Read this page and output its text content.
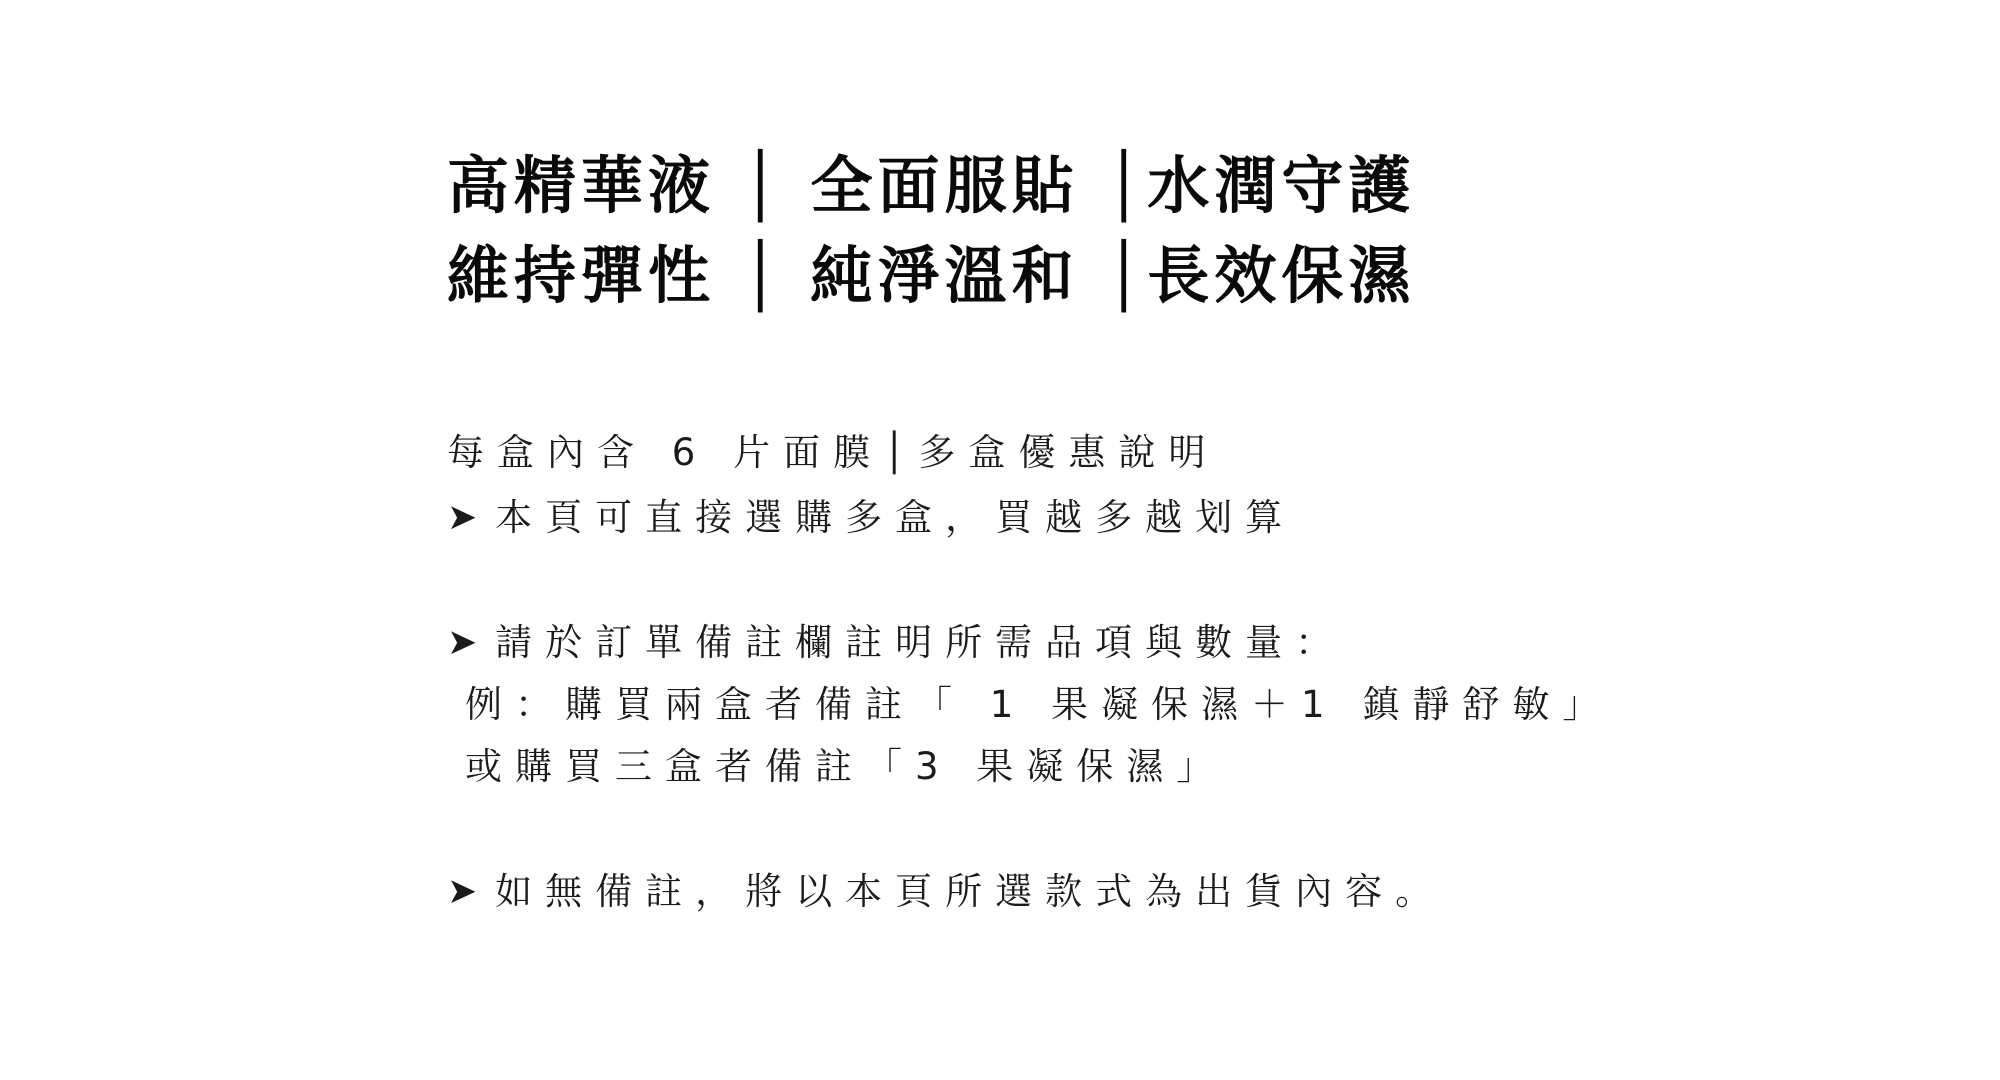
高精華液 │ 全面服貼 │水潤守護
維持彈性 │ 純淨溫和 │長效保濕
每盒內含 6 片面膜│多盒優惠說明
➤ 本頁可直接選購多盒，買越多越划算
➤ 請於訂單備註欄註明所需品項與數量：
例：購買兩盒者備註「 1 果凝保濕＋1 鎮靜舒敏」
或購買三盒者備註「3 果凝保濕」
➤ 如無備註，將以本頁所選款式為出貨內容。
